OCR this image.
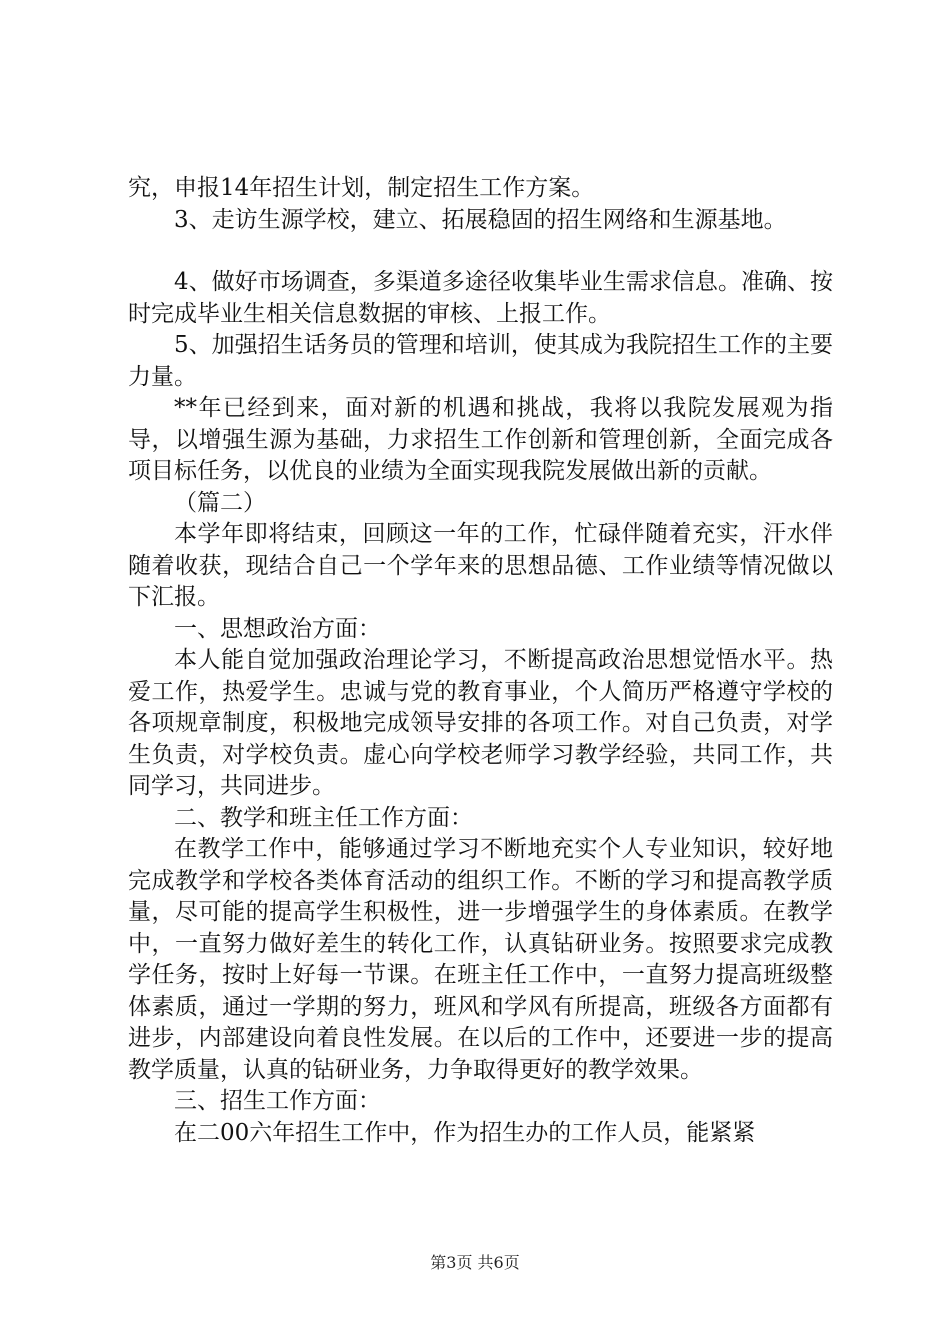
究，申报14年招生计划，制定招生工作方案。

3、走访生源学校，建立、拓展稳固的招生网络和生源基地。

4、做好市场调查，多渠道多途径收集毕业生需求信息。准确、按时完成毕业生相关信息数据的审核、上报工作。

5、加强招生话务员的管理和培训，使其成为我院招生工作的主要力量。

**年已经到来，面对新的机遇和挑战，我将以我院发展观为指导，以增强生源为基础，力求招生工作创新和管理创新，全面完成各项目标任务，以优良的业绩为全面实现我院发展做出新的贡献。

（篇二）

本学年即将结束，回顾这一年的工作，忙碌伴随着充实，汗水伴随着收获，现结合自己一个学年来的思想品德、工作业绩等情况做以下汇报。

一、思想政治方面：

本人能自觉加强政治理论学习，不断提高政治思想觉悟水平。热爱工作，热爱学生。忠诚与党的教育事业，个人简历严格遵守学校的各项规章制度，积极地完成领导安排的各项工作。对自己负责，对学生负责，对学校负责。虚心向学校老师学习教学经验，共同工作，共同学习，共同进步。

二、教学和班主任工作方面：

在教学工作中，能够通过学习不断地充实个人专业知识，较好地完成教学和学校各类体育活动的组织工作。不断的学习和提高教学质量，尽可能的提高学生积极性，进一步增强学生的身体素质。在教学中，一直努力做好差生的转化工作，认真钻研业务。按照要求完成教学任务，按时上好每一节课。在班主任工作中，一直努力提高班级整体素质，通过一学期的努力，班风和学风有所提高，班级各方面都有进步，内部建设向着良性发展。在以后的工作中，还要进一步的提高教学质量，认真的钻研业务，力争取得更好的教学效果。

三、招生工作方面：

在二00六年招生工作中，作为招生办的工作人员，能紧紧

第3页 共6页
